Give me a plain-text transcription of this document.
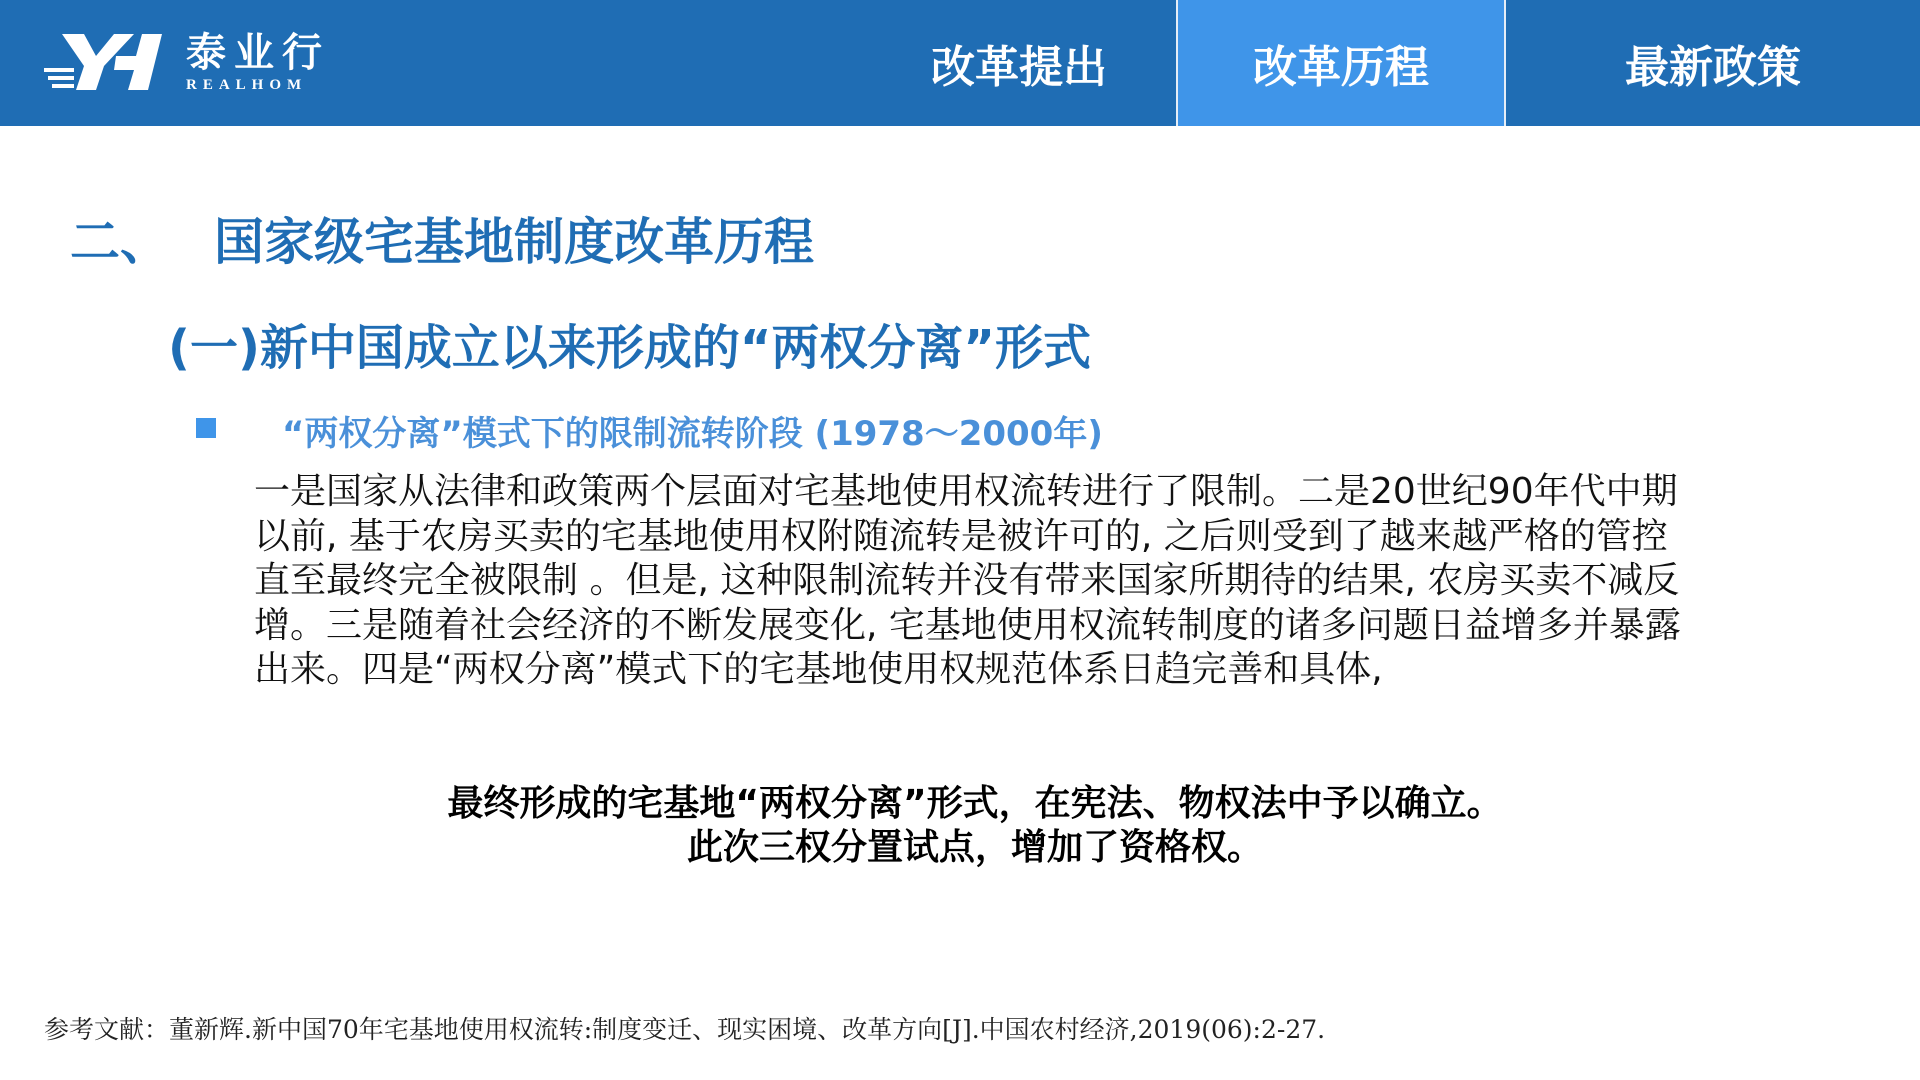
泰业行
REALHOM	改革提出	改革历程	最新政策
二、 国家级宅基地制度改革历程
(一)新中国成立以来形成的“两权分离”形式
“两权分离”模式下的限制流转阶段 (1978～2000年)
一是国家从法律和政策两个层面对宅基地使用权流转进行了限制。二是20世纪90年代中期
以前, 基于农房买卖的宅基地使用权附随流转是被许可的, 之后则受到了越来越严格的管控
直至最终完全被限制 。但是, 这种限制流转并没有带来国家所期待的结果, 农房买卖不减反
增。三是随着社会经济的不断发展变化, 宅基地使用权流转制度的诸多问题日益增多并暴露
出来。四是“两权分离”模式下的宅基地使用权规范体系日趋完善和具体,
最终形成的宅基地“两权分离”形式，在宪法、物权法中予以确立。
此次三权分置试点，增加了资格权。
参考文献：董新辉.新中国70年宅基地使用权流转:制度变迁、现实困境、改革方向[J].中国农村经济,2019(06):2-27.
